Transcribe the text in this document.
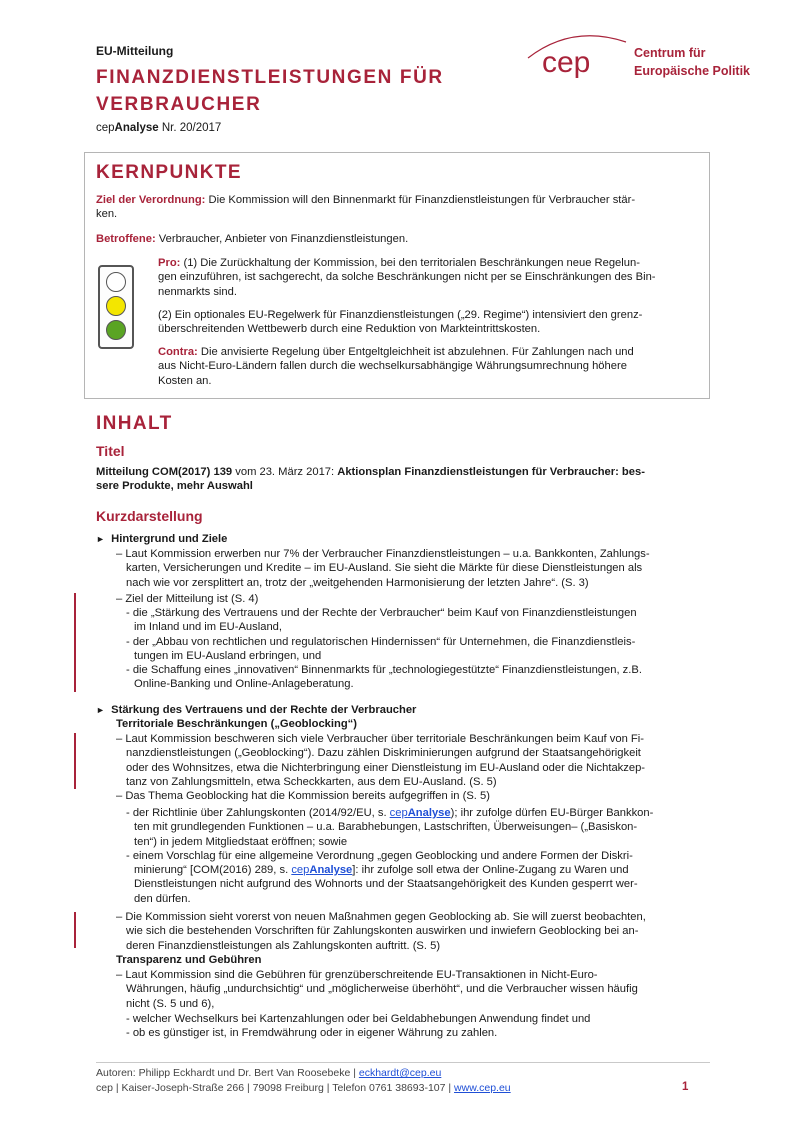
EU-Mitteilung
FINANZDIENSTLEISTUNGEN FÜR
VERBRAUCHER
cepAnalyse Nr. 20/2017
cep	Centrum für
Europäische Politik
KERNPUNKTE
Ziel der Verordnung: Die Kommission will den Binnenmarkt für Finanzdienstleistungen für Verbraucher stär-
ken.
Betroffene: Verbraucher, Anbieter von Finanzdienstleistungen.
Pro: (1) Die Zurückhaltung der Kommission, bei den territorialen Beschränkungen neue Regelun-
gen einzuführen, ist sachgerecht, da solche Beschränkungen nicht per se Einschränkungen des Bin-
nenmarkts sind.
(2) Ein optionales EU-Regelwerk für Finanzdienstleistungen („29. Regime“) intensiviert den grenz-
überschreitenden Wettbewerb durch eine Reduktion von Markteintrittskosten.
Contra: Die anvisierte Regelung über Entgeltgleichheit ist abzulehnen. Für Zahlungen nach und
aus Nicht-Euro-Ländern fallen durch die wechselkursabhängige Währungsumrechnung höhere
Kosten an.
INHALT
Titel
Mitteilung COM(2017) 139 vom 23. März 2017: Aktionsplan Finanzdienstleistungen für Verbraucher: bes-
sere Produkte, mehr Auswahl
Kurzdarstellung
► Hintergrund und Ziele
– Laut Kommission erwerben nur 7% der Verbraucher Finanzdienstleistungen – u.a. Bankkonten, Zahlungs-
karten, Versicherungen und Kredite – im EU-Ausland. Sie sieht die Märkte für diese Dienstleistungen als
nach wie vor zersplittert an, trotz der „weitgehenden Harmonisierung der letzten Jahre“. (S. 3)
– Ziel der Mitteilung ist (S. 4)
- die „Stärkung des Vertrauens und der Rechte der Verbraucher“ beim Kauf von Finanzdienstleistungen
im Inland und im EU-Ausland,
- der „Abbau von rechtlichen und regulatorischen Hindernissen“ für Unternehmen, die Finanzdienstleis-
tungen im EU-Ausland erbringen, und
- die Schaffung eines „innovativen“ Binnenmarkts für „technologiegestützte“ Finanzdienstleistungen, z.B.
Online-Banking und Online-Anlageberatung.
► Stärkung des Vertrauens und der Rechte der Verbraucher
Territoriale Beschränkungen („Geoblocking“)
– Laut Kommission beschweren sich viele Verbraucher über territoriale Beschränkungen beim Kauf von Fi-
nanzdienstleistungen („Geoblocking“). Dazu zählen Diskriminierungen aufgrund der Staatsangehörigkeit
oder des Wohnsitzes, etwa die Nichterbringung einer Dienstleistung im EU-Ausland oder die Nichtakzep-
tanz von Zahlungsmitteln, etwa Scheckkarten, aus dem EU-Ausland. (S. 5)
– Das Thema Geoblocking hat die Kommission bereits aufgegriffen in (S. 5)
- der Richtlinie über Zahlungskonten (2014/92/EU, s. cepAnalyse); ihr zufolge dürfen EU-Bürger Bankkon-
ten mit grundlegenden Funktionen – u.a. Barabhebungen, Lastschriften, Überweisungen– („Basiskon-
ten“) in jedem Mitgliedstaat eröffnen; sowie
- einem Vorschlag für eine allgemeine Verordnung „gegen Geoblocking und andere Formen der Diskri-
minierung“ [COM(2016) 289, s. cepAnalyse]: ihr zufolge soll etwa der Online-Zugang zu Waren und
Dienstleistungen nicht aufgrund des Wohnorts und der Staatsangehörigkeit des Kunden gesperrt wer-
den dürfen.
– Die Kommission sieht vorerst von neuen Maßnahmen gegen Geoblocking ab. Sie will zuerst beobachten,
wie sich die bestehenden Vorschriften für Zahlungskonten auswirken und inwiefern Geoblocking bei an-
deren Finanzdienstleistungen als Zahlungskonten auftritt. (S. 5)
Transparenz und Gebühren
– Laut Kommission sind die Gebühren für grenzüberschreitende EU-Transaktionen in Nicht-Euro-
Währungen, häufig „undurchsichtig“ und „möglicherweise überhöht“, und die Verbraucher wissen häufig
nicht (S. 5 und 6),
- welcher Wechselkurs bei Kartenzahlungen oder bei Geldabhebungen Anwendung findet und
- ob es günstiger ist, in Fremdwährung oder in eigener Währung zu zahlen.
Autoren: Philipp Eckhardt und Dr. Bert Van Roosebeke | eckhardt@cep.eu
cep | Kaiser-Joseph-Straße 266 | 79098 Freiburg | Telefon 0761 38693-107 | www.cep.eu	1
